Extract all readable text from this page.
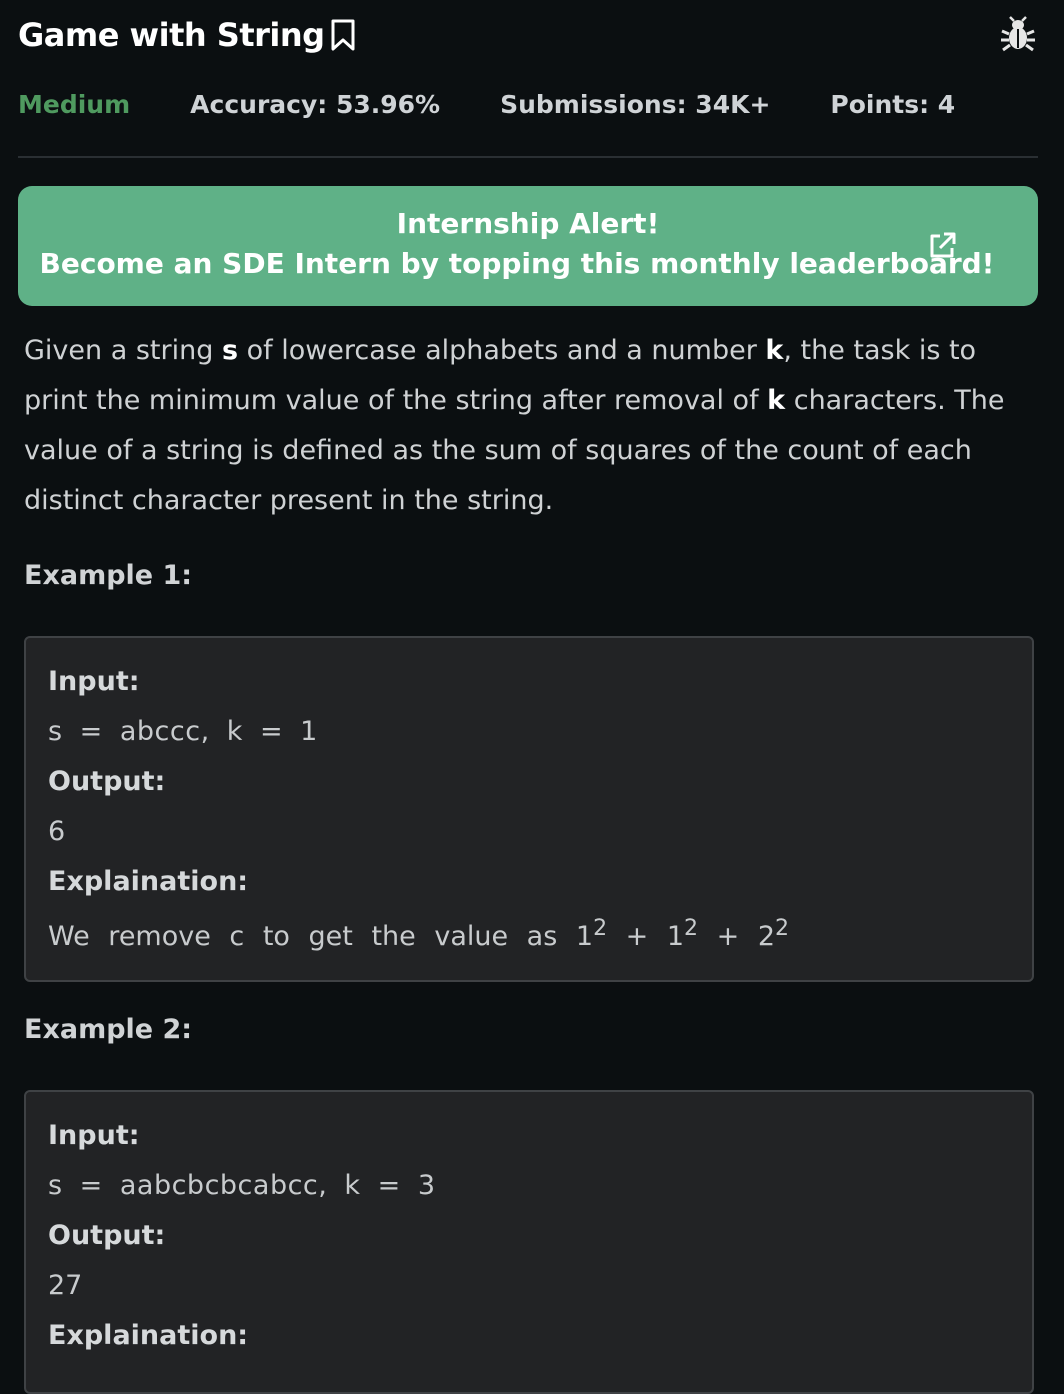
Game with String
Medium Accuracy: 53.96% Submissions: 34K+ Points: 4
Internship Alert!
Become an SDE Intern by topping this monthly leaderboard!
Given a string s of lowercase alphabets and a number k, the task is to print the minimum value of the string after removal of k characters. The value of a string is defined as the sum of squares of the count of each distinct character present in the string.
Example 1:
Input:
s = abccc, k = 1
Output:
6
Explaination:
We remove c to get the value as $1^2 + 1^2 + 2^2$
Example 2:
Input:
s = aabcbcbcabcc, k = 3
Output:
27
Explaination:
